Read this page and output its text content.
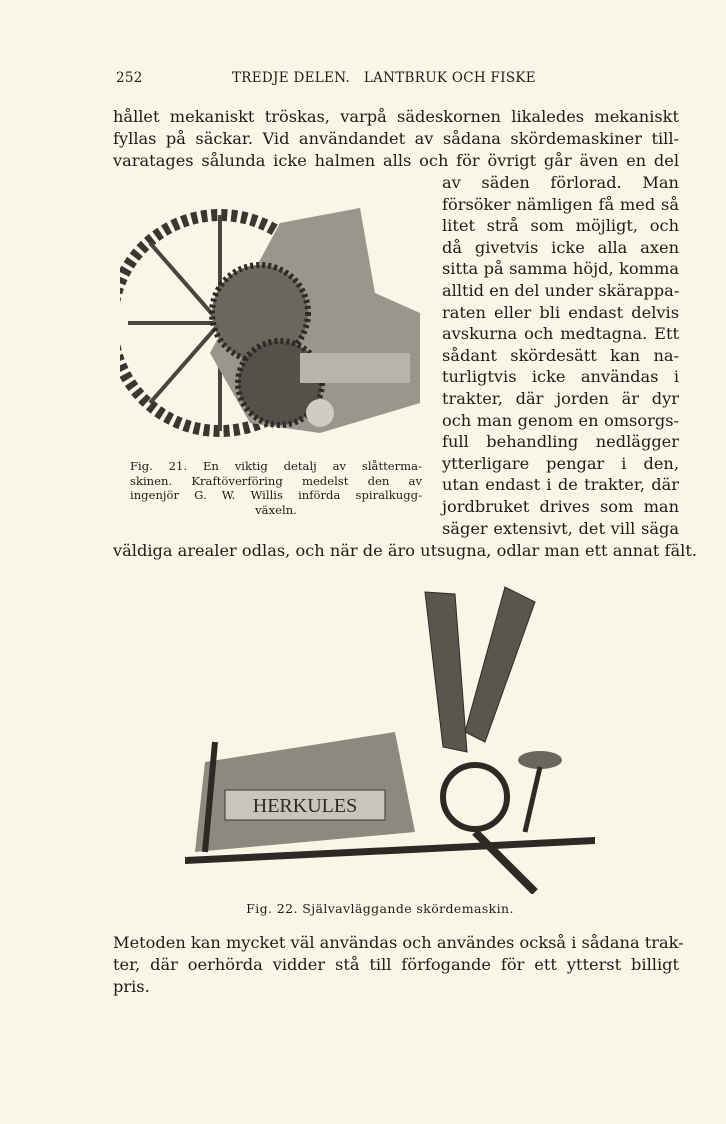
252	TREDJE DELEN.   LANTBRUK OCH FISKE
hållet mekaniskt tröskas, varpå sädeskornen likaledes mekaniskt
fyllas på säckar. Vid användandet av sådana skördemaskiner till-
varatages sålunda icke halmen alls och för övrigt går även en del
av säden förlorad. Man
försöker nämligen få med så
litet strå som möjligt, och
då givetvis icke alla axen
sitta på samma höjd, komma
alltid en del under skärappa-
raten eller bli endast delvis
avskurna och medtagna. Ett
sådant skördesätt kan na-
turligtvis icke användas i
trakter, där jorden är dyr
och man genom en omsorgs-
full behandling nedlägger
ytterligare pengar i den,
utan endast i de trakter, där
jordbruket drives som man
säger extensivt, det vill säga
väldiga arealer odlas, och när de äro utsugna, odlar man ett annat fält.
Fig. 21. En viktig detalj av slåtterma-
skinen. Kraftöverföring medelst den av
ingenjör G. W. Willis införda spiralkugg-
växeln.
HERKULES
Fig. 22. Självavläggande skördemaskin.
Metoden kan mycket väl användas och användes också i sådana trak-
ter, där oerhörda vidder stå till förfogande för ett ytterst billigt
pris.
